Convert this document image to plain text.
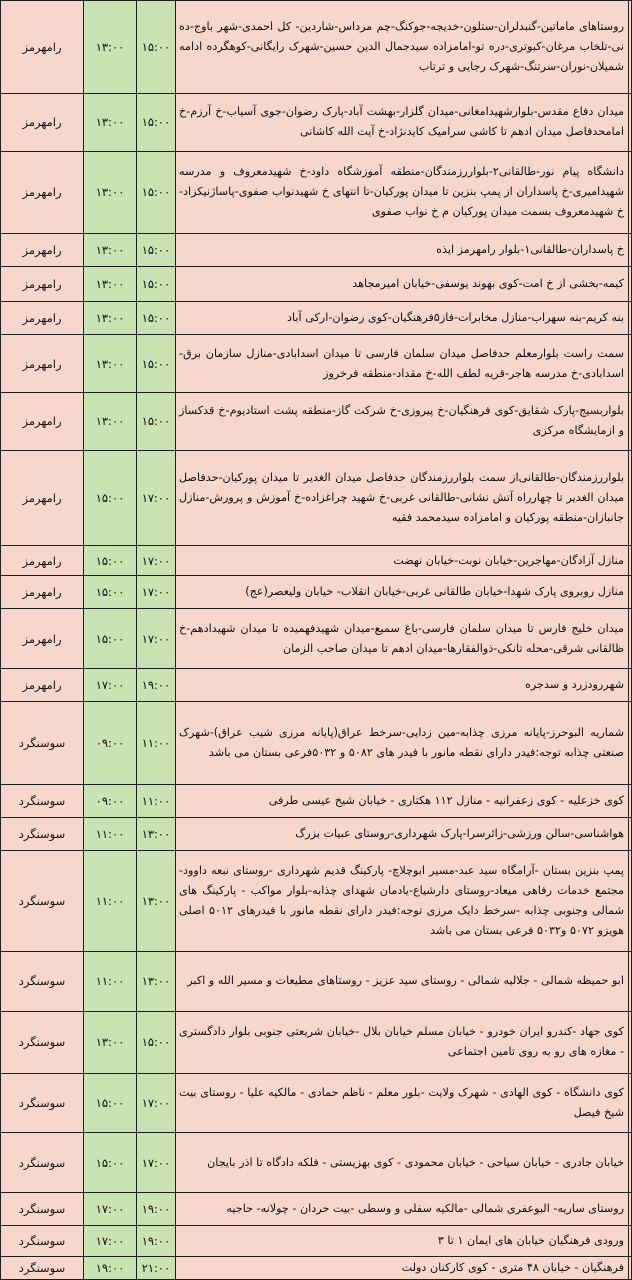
رامهرمز	۱۳:۰۰	۱۵:۰۰	روستاهای ماماتین-گنبدلران-ستلون-خدیجه-جوکنگ-چم مرداس-شاردین- کل احمدی-شهر باوج-ده نی-تلخاب مرغان-کبوتری-دره تو-امامزاده سیدجمال الدین حسین-شهرک رایگانی-کوهگرده ادامه شمیلان-نوران-سرتنگ-شهرک رجایی و ترتاب	
رامهرمز	۱۳:۰۰	۱۵:۰۰	میدان دفاع مقدس-بلوارشهیدامغانی-میدان گلزار-بهشت آباد-پارک رضوان-جوی آسیاب-خ آرزم-خ امامحدفاصل میدان ادهم تا کاشی سرامیک کایدنژاد-خ آیت الله کاشانی	
رامهرمز	۱۳:۰۰	۱۵:۰۰	دانشگاه پیام نور-طالقانی۲-بلواررزمندگان-منطقه آموزشگاه داود-خ شهیدمعروف و مدرسه شهیدامیری-خ پاسداران از پمپ بنزین تا میدان پورکیان-تا انتهای خ شهیدنواب صفوی-پاساژنیکزاد-خ شهیدمعروف بسمت میدان پورکیان م خ نواب صفوی	
رامهرمز	۱۳:۰۰	۱۵:۰۰	خ پاسداران-طالقانی۱-بلوار رامهرمز ایذه	
رامهرمز	۱۳:۰۰	۱۵:۰۰	کیمه-بخشی از خ امت-کوی بهوند یوسفی-خیابان امیرمجاهد	
رامهرمز	۱۳:۰۰	۱۵:۰۰	بنه کریم-بنه سهراب-منازل مخابرات-فاز۵فرهنگیان-کوی رضوان-ارکی آباد	
رامهرمز	۱۳:۰۰	۱۵:۰۰	سمت راست بلوارمعلم حدفاصل میدان سلمان فارسی تا میدان اسدابادی-منازل سازمان برق-اسدابادی-خ مدرسه هاجر-قریه لطف الله-خ مقداد-منطقه فرخروز	
رامهرمز	۱۳:۰۰	۱۵:۰۰	بلواربسیج-پارک شقایق-کوی فرهنگیان-خ پیروزی-خ شرکت گاز-منطقه پشت استادیوم-خ قدکساز و ازمایشگاه مرکزی	
رامهرمز	۱۵:۰۰	۱۷:۰۰	بلواررزمندگان-طالقانی‌از سمت بلواررزمندگان حدفاصل میدان الغدیر تا میدان پورکیان-حدفاصل میدان الغدیر تا چهارراه آتش نشانی-طالقانی غربی-خ شهید چراغزاده-خ آموزش و پرورش-منازل جانبازان-منطقه پورکیان و امامزاده سیدمحمد فقیه	
رامهرمز	۱۵:۰۰	۱۷:۰۰	منازل آزادگان-مهاجرین-خیابان نوبت-خیابان نهضت	
رامهرمز	۱۵:۰۰	۱۷:۰۰	منازل روبروی پارک شهدا-خیابان طالقانی غربی-خیابان انقلاب- خیابان ولیعصر(عج)	
رامهرمز	۱۵:۰۰	۱۷:۰۰	میدان خلیج فارس تا میدان سلمان فارسی-باغ سمیع-میدان شهیدفهمیده تا میدان شهیدادهم-خ ظالقانی شرقی-محله تانکی-ذوالفقارها-میدان ادهم تا میدان صاحب الزمان	
رامهرمز	۱۷:۰۰	۱۹:۰۰	شهررودزرد و سدجره	
سوسنگرد	۰۹:۰۰	۱۱:۰۰	شماریه البوحرز-پایانه مرزی چذابه-مین زدایی-سرخط عراق(پایانه مرزی شیب عراق)-شهرک صنعتی چذابه توجه:فیدر دارای نقطه مانور با فیدر های ۵۰۸۲ و ۵۰۳۲فرعی بستان می باشد	
سوسنگرد	۰۹:۰۰	۱۱:۰۰	کوی خزعلیه - کوی زعفرانیه - منازل ۱۱۲ هکتاری - خیابان شیخ عیسی طرفی	
سوسنگرد	۱۱:۰۰	۱۳:۰۰	هواشناسی-سالن ورزشی-زائرسرا-پارک شهرداری-روستای عبیات بزرگ	
سوسنگرد	۱۱:۰۰	۱۳:۰۰	پمپ بنزین بستان -آرامگاه سید عبد-مسیر ابوچلاچ- پارکینگ قدیم شهرداری -روستای نبعه داوود-مجتمع خدمات رفاهی میعاد-روستای دارشیاع-یادمان شهدای چذابه-بلوار مواکب - پارکینگ های شمالی وجنوبی چذابه -سرخط دایک مرزی توجه:فیدر دارای نقطه مانور با فیدرهای ۵۰۱۲ اصلی هویزو ۵۰۷۲ و۵۰۳۲ فرعی بستان می باشد	
سوسنگرد	۱۱:۰۰	۱۳:۰۰	ابو حمیظه شمالی - جلالیه شمالی - روستای سید عزیز - روستاهای مطیعات و مسیر الله و اکبر	
سوسنگرد	۱۳:۰۰	۱۵:۰۰	کوی جهاد -کندرو ایران خودرو - خیابان مسلم خیابان بلال -خیابان شریعتی جنوبی بلوار دادگستری - مغازه های رو به روی تامین اجتماعی	
سوسنگرد	۱۵:۰۰	۱۷:۰۰	کوی دانشگاه - کوی الهادی - شهرک ولایت -بلور معلم - ناظم حمادی - مالکیه علیا - روستای بیت شیخ فیصل	
سوسنگرد	۱۵:۰۰	۱۷:۰۰	خیابان جادری - خیابان سیاحی - خیابان محمودی - کوی بهزیستی - فلکه دادگاه تا اذر بایجان	
سوسنگرد	۱۷:۰۰	۱۹:۰۰	روستای ساریه- البوعفری شمالی -مالکیه سفلی و وسطی -بیت حردان - چولانه- حاجیه	
سوسنگرد	۱۷:۰۰	۱۹:۰۰	ورودی فرهنگیان خیابان های ایمان ۱ تا ۳	
سوسنگرد	۱۹:۰۰	۲۱:۰۰	فرهنگیان - خیابان ۴۸ متری - کوی کارکنان دولت	
